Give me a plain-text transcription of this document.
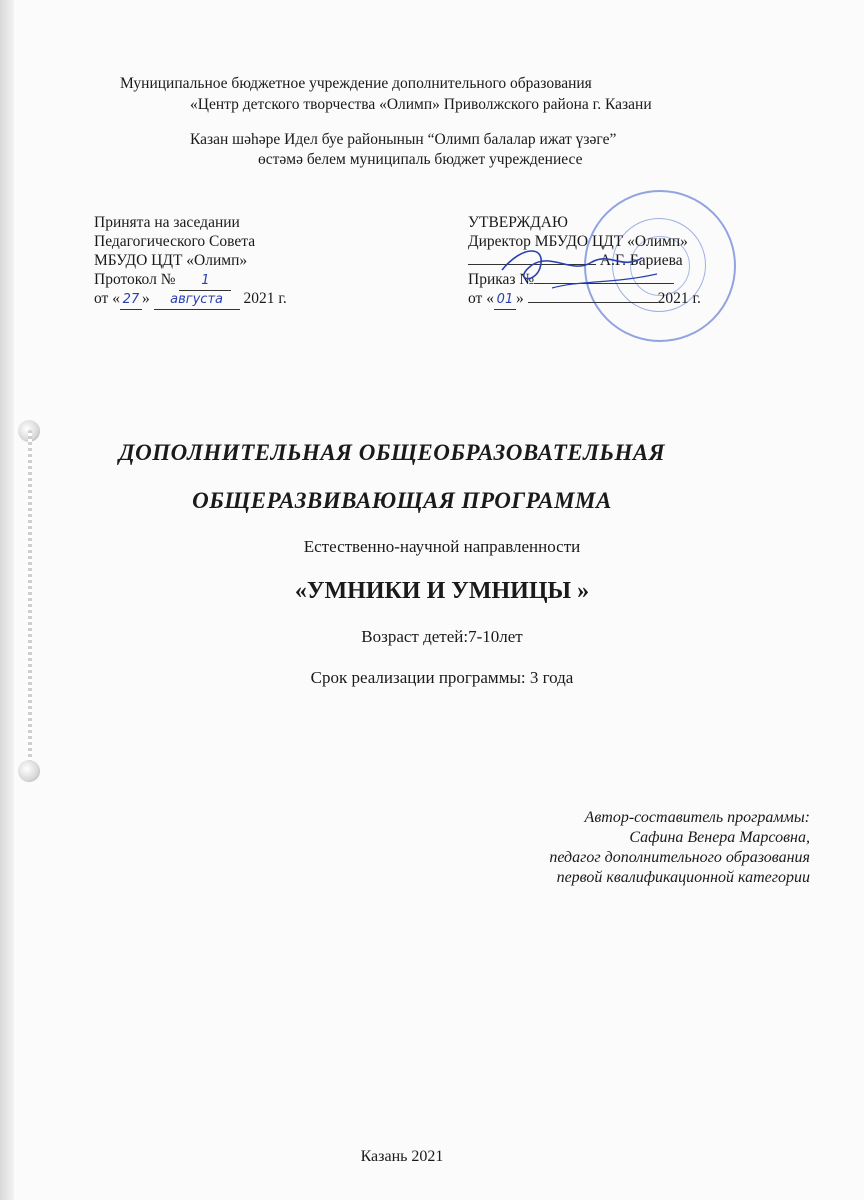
Муниципальное бюджетное учреждение дополнительного образования
«Центр детского творчества «Олимп» Приволжского района г. Казани
Казан шәһәре Идел буе районынын “Олимп балалар ижат үзәге”
өстәмә белем муниципаль бюджет учреждениесе
Принята на заседании
Педагогического Совета
МБУДО ЦДТ «Олимп»
Протокол № 1
от « 27 » августа 2021 г.
УТВЕРЖДАЮ
Директор МБУДО ЦДТ «Олимп»
А.Г. Бариева
Приказ №
от « 01 »	2021 г.
ДОПОЛНИТЕЛЬНАЯ ОБЩЕОБРАЗОВАТЕЛЬНАЯ
ОБЩЕРАЗВИВАЮЩАЯ ПРОГРАММА
Естественно-научной направленности
«УМНИКИ И УМНИЦЫ »
Возраст детей:7-10лет
Срок реализации программы: 3 года
Автор-составитель программы:
Сафина Венера Марсовна,
педагог дополнительного образования
первой квалификационной категории
Казань 2021
